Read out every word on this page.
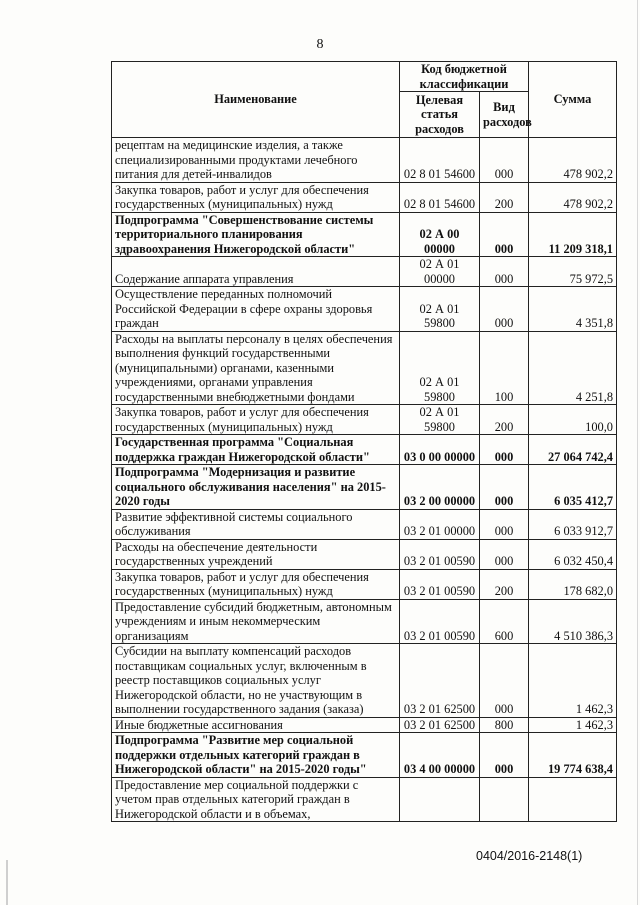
8
Наименование	Код бюджетной классификации		Сумма
	Целевая статья расходов	Вид расходов	
рецептам на медицинские изделия, а также специализированными продуктами лечебного питания для детей-инвалидов	02 8 01 54600	000	478 902,2
Закупка товаров, работ и услуг для обеспечения государственных (муниципальных) нужд	02 8 01 54600	200	478 902,2
Подпрограмма "Совершенствование системы территориального планирования здравоохранения Нижегородской области"	02 А 00 00000	000	11 209 318,1
Содержание аппарата управления	02 А 01 00000	000	75 972,5
Осуществление переданных полномочий Российской Федерации в сфере охраны здоровья граждан	02 А 01 59800	000	4 351,8
Расходы на выплаты персоналу в целях обеспечения выполнения функций государственными (муниципальными) органами, казенными учреждениями, органами управления государственными внебюджетными фондами	02 А 01 59800	100	4 251,8
Закупка товаров, работ и услуг для обеспечения государственных (муниципальных) нужд	02 А 01 59800	200	100,0
Государственная программа "Социальная поддержка граждан Нижегородской области"	03 0 00 00000	000	27 064 742,4
Подпрограмма "Модернизация и развитие социального обслуживания населения" на 2015-2020 годы	03 2 00 00000	000	6 035 412,7
Развитие эффективной системы социального обслуживания	03 2 01 00000	000	6 033 912,7
Расходы на обеспечение деятельности государственных учреждений	03 2 01 00590	000	6 032 450,4
Закупка товаров, работ и услуг для обеспечения государственных (муниципальных) нужд	03 2 01 00590	200	178 682,0
Предоставление субсидий бюджетным, автономным учреждениям и иным некоммерческим организациям	03 2 01 00590	600	4 510 386,3
Субсидии на выплату компенсаций расходов поставщикам социальных услуг, включенным в реестр поставщиков социальных услуг Нижегородской области, но не участвующим в выполнении государственного задания (заказа)	03 2 01 62500	000	1 462,3
Иные бюджетные ассигнования	03 2 01 62500	800	1 462,3
Подпрограмма "Развитие мер социальной поддержки отдельных категорий граждан в Нижегородской области" на 2015-2020 годы"	03 4 00 00000	000	19 774 638,4
Предоставление мер социальной поддержки с учетом прав отдельных категорий граждан в Нижегородской области и в объемах,			
0404/2016-2148(1)
